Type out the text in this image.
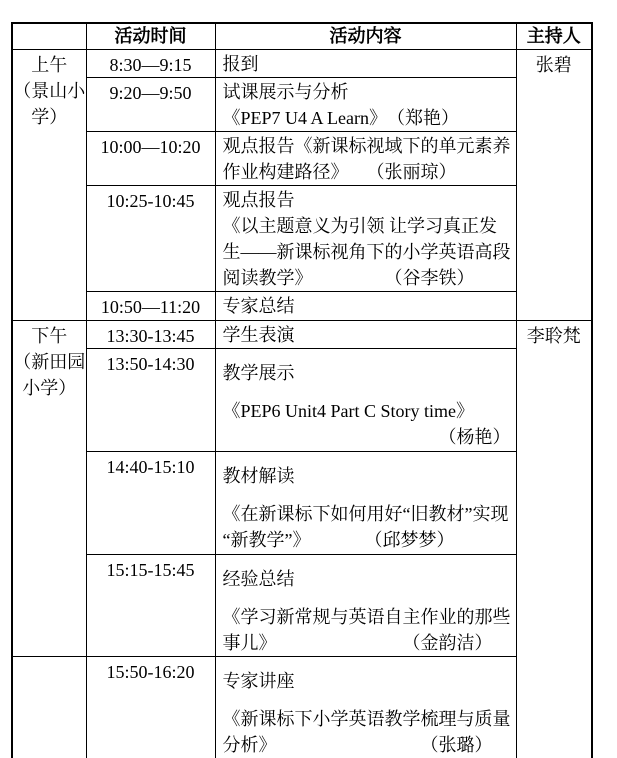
	活动时间	活动内容	主持人

上午
（景山小
学）	8:30—9:15	报到	张碧
	9:20—9:50	试课展示与分析
《PEP7 U4 A Learn》　（郑艳）	

	10:00—10:20	观点报告《新课标视域下的单元素养
作业构建路径》　　（张丽琼）	

	10:25-10:45	观点报告
《以主题意义为引领 让学习真正发
生——新课标视角下的小学英语高段
阅读教学》　　　　　（谷李铁）	

	10:50—11:20	专家总结	

下午
（新田园
小学）	13:30-13:45	学生表演	李聆梵
	13:50-14:30	教学展示
《PEP6 Unit4 Part C Story time》
（杨艳）	

	14:40-15:10	教材解读
《在新课标下如何用好“旧教材”实现
“新教学”》　　　　（邱梦梦）	

	15:15-15:45	经验总结
《学习新常规与英语自主作业的那些
事儿》　　　　　　　　（金韵洁）	

	15:50-16:20	专家讲座
《新课标下小学英语教学梳理与质量
分析》　　　　　　　　　（张璐）	
